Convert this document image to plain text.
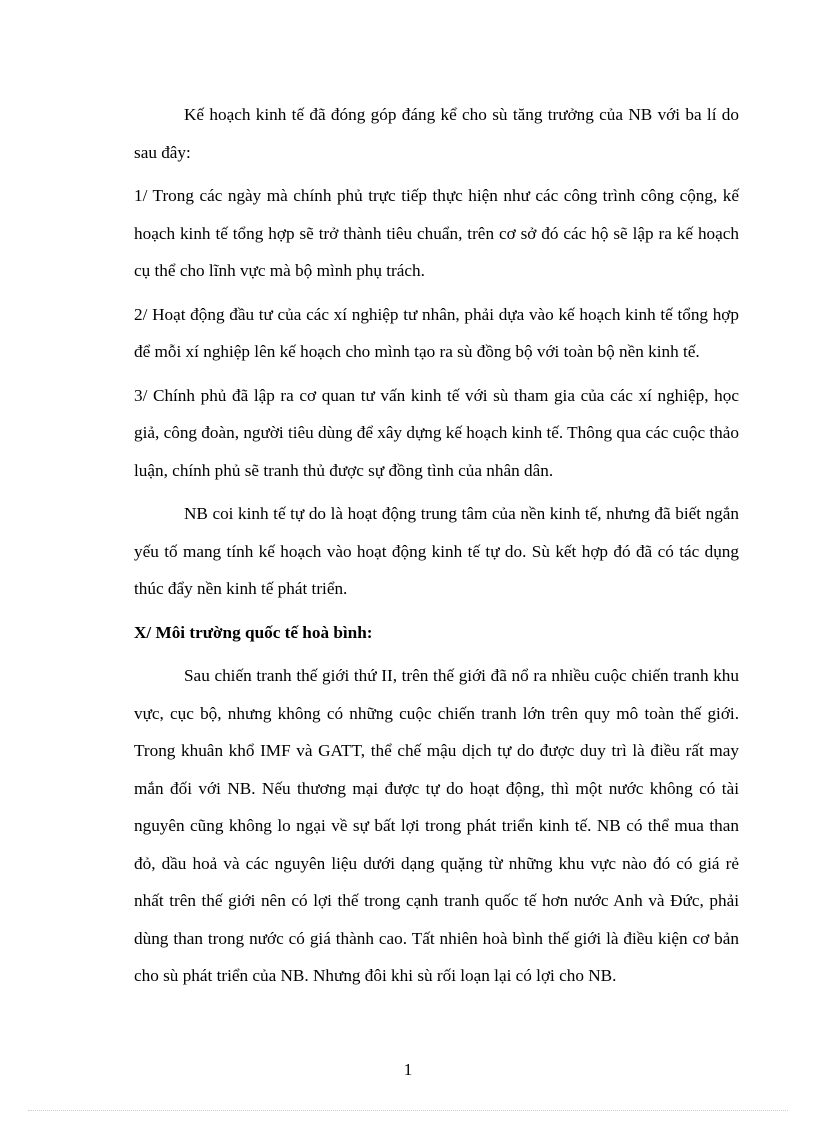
Kế hoạch kinh tế đã đóng góp đáng kể cho sù tăng trưởng của NB với ba lí do sau đây:

1/ Trong các ngày mà chính phủ trực tiếp thực hiện như các công trình công cộng, kế hoạch kinh tế tổng hợp sẽ trở thành tiêu chuẩn, trên cơ sở đó các hộ sẽ lập ra kế hoạch cụ thể cho lĩnh vực mà bộ mình phụ trách.

2/ Hoạt động đầu tư của các xí nghiệp tư nhân, phải dựa vào kế hoạch kinh tế tổng hợp để mỗi xí nghiệp lên kế hoạch cho mình tạo ra sù đồng bộ với toàn bộ nền kinh tế.

3/ Chính phủ đã lập ra cơ quan tư vấn kinh tế với sù tham gia của các xí nghiệp, học giả, công đoàn, người tiêu dùng để xây dựng kế hoạch kinh tế. Thông qua các cuộc thảo luận, chính phủ sẽ tranh thủ được sự đồng tình của nhân dân.

NB coi kinh tế tự do là hoạt động trung tâm của nền kinh tế, nhưng đã biết ngắn yếu tố mang tính kế hoạch vào hoạt động kinh tế tự do. Sù kết hợp đó đã có tác dụng thúc đẩy nền kinh tế phát triển.

X/ Môi trường quốc tế hoà bình:

Sau chiến tranh thế giới thứ II, trên thế giới đã nổ ra nhiều cuộc chiến tranh khu vực, cục bộ, nhưng không có những cuộc chiến tranh lớn trên quy mô toàn thế giới. Trong khuân khổ IMF và GATT, thể chế mậu dịch tự do được duy trì là điều rất may mắn đối với NB. Nếu thương mại được tự do hoạt động, thì một nước không có tài nguyên cũng không lo ngại về sự bất lợi trong phát triển kinh tế. NB có thể mua than đỏ, dầu hoả và các nguyên liệu dưới dạng quặng từ những khu vực nào đó có giá rẻ nhất trên thế giới nên có lợi thế trong cạnh tranh quốc tế hơn nước Anh và Đức, phải dùng than trong nước có giá thành cao. Tất nhiên hoà bình thế giới là điều kiện cơ bản cho sù phát triển của NB. Nhưng đôi khi sù rối loạn lại có lợi cho NB.

1
